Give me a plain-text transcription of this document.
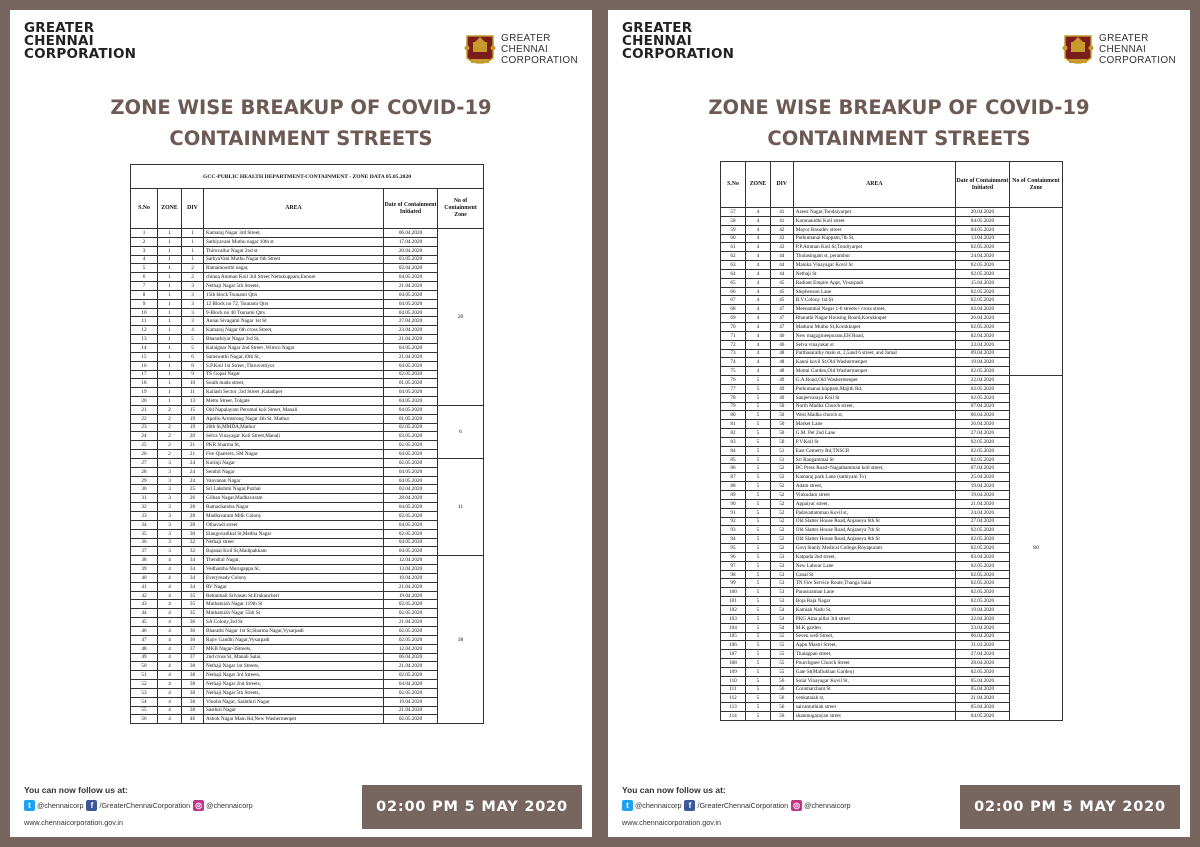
GREATER
CHENNAI
CORPORATION
GREATER
CHENNAI
CORPORATION
ZONE WISE BREAKUP OF COVID-19
CONTAINMENT STREETS
GCC-PUBLIC HEALTH DEPARTMENT-CONTAINMENT - ZONE DATA 05.05.2020					
S.No	ZONE	DIV	AREA	Date of Containment Initiated	No of Containment Zone
1	1	1	Kamaraj Nagar 3rd Street,	06.04.2020	20
2	1	1	Sathiyavani Muthu nagar 10th st	17.04.2020	
3	1	1	Thiruvallur Nagar 2nd st	20.04.2020	
4	1	1	SathyaVani Muthu Nagar 6th Street	03.05.2020	
5	1	2	Ramamoorthi nagar,	02.04.2020	
6	1	2	chinna Amman Koil 3rd Street Nettukuppam,Ennore	04.05.2020	
7	1	3	Nethaji Nagar 5th Streets,	21.04.2020	
8	1	3	15th block Tsunami Qtrs	04.05.2020	
9	1	3	12 Block no 72, Tsunami Qtrs	04.05.2020	
10	1	3	9-Block no 40 Tsunami Qtrs	04.05.2020	
11	1	3	Annai Sivagami Nagar 1st St	27.04.2020	
12	1	4	Kamaraj Nagar 6th cross Street,	23.04.2020	
13	1	5	Bharathiyar Nagar 3rd St,	21.04.2020	
14	1	5	Kalaignar Nagar 2nd Street ,Wimco Nagar	04.05.2020	
15	1	6	Saraswathi Nagar,10th St,	21.04.2020	
16	1	8	S.P.Koil 1st Street ,Thiruvottiyur	04.05.2020	
17	1	9	TS Gopal Nagar	02.05.2020	
18	1	10	South mada street,	01.05.2020	
19	1	11	Kailash Sector ,3rd Street ,Kaladipet	04.05.2020	
20	1	13	Mettu Street, Tolgate	04.05.2020	
21	2	15	Old Napalayam Perumal koil Street, Manali	04.05.2020	6
22	2	19	Apollo Armstrong Nagar 4th St, Mathur	01.05.2020	
23	2	19	26th St,MMDA,Mathur	02.05.2020	
24	2	20	Selva Vinayagar Koil Street,Manali	03.05.2020	
25	2	21	PKR Sharma St,	02.05.2020	
26	2	21	Fire Quarters, SM Nagar	04.05.2020	
27	3	24	Kurinji Nagar	02.05.2020	11
28	3	24	Senthil Nagar	04.05.2020	
29	3	24	Vanvanan Nagar	04.05.2020	
30	3	25	Sri Lakshmi Nagar,Puzhal	03.04.2020	
31	3	26	Gilban Nagar,Madhavaram	28.04.2020	
32	3	26	Ramachandra Nagar	04.05.2020	
33	3	28	Madhavaram Milk Colony	02.05.2020	
34	3	28	Othavadi street	04.05.2020	
35	3	30	Elangovadikal St,Medha Nagar	02.05.2020	
36	3	32	Nethaji street	04.05.2020	
37	3	32	Bajanai Koil St,Madipakkam	04.05.2020	
38	4	34	Thendral Nagar,	12.04.2020	38
39	4	34	Vedhantha Murugappa St,	13.04.2020	
40	4	34	Everyready Colony	19.04.2020	
41	4	34	RV Nagar	21.04.2020	
42	4	35	Rettaimali Srivasan St,Erukancheri	19.04.2020	
43	4	35	Muthamizh Nagar 119th St	02.05.2020	
44	4	35	Muthamizh Nagar 55th St	02.05.2020	
45	4	36	SA Colony,3rd St	21.04.2020	
46	4	36	Bharathi Nagar 1st St,Sharma Nagar,Vysarpadi	02.05.2020	
47	4	36	Rajiv Gandhi Nagar,Vysarpadi	02.05.2020	
48	4	37	MKB Nagar-3Streets,	12.04.2020	
49	4	37	2nd cross St, Manali Salai,	06.04.2020	
50	4	38	Nethaji Nagar 1st Streets,	21.04.2020	
51	4	38	Nethaji Nagar 3rd Streets,	02.05.2020	
52	4	38	Nethaji Nagar 2nd Streets,	04.04.2020	
53	4	38	Nethaji Nagar 5th Streets,	02.05.2020	
54	4	38	Vinoba Nagar, Sashthiri Nagar	19.04.2020	
55	4	38	Sasthiri Nagar	21.04.2020	
56	4	46	Ashok Nagar Main Rd,New Washermenpet	02.05.2020	
You can now follow us at:
t @chennaicorp f /GreaterChennaiCorporation ◎ @chennaicorp
www.chennaicorporation.gov.in
02:00 PM 5 MAY 2020
GREATER
CHENNAI
CORPORATION
GREATER
CHENNAI
CORPORATION
ZONE WISE BREAKUP OF COVID-19
CONTAINMENT STREETS
S.No	ZONE	DIV	AREA	Date of Containment Initiated	No of Containment Zone
57	4	41	Azeez Nagar,Tondaiyarpet	20.04.2020	
58	4	41	Karunanidhi Koil street	04.05.2020	
59	4	42	Mayor Basudev street	04.05.2020	
60	4	43	Puthumanai Kuppam,7th St,	13.04.2020	
61	4	43	P.P.Amman Koil St,Tondiyarpet	02.05.2020	
62	4	44	Thulasingam st, perambur	24.04.2020	
63	4	44	Manika Vinayagar Kovil St	02.05.2020	
64	4	44	Nethaji St	02.05.2020	
65	4	45	Radiant Empire Appt, Vysarpadi	15.04.2020	
66	4	45	Stephenson Lane	02.05.2020	
67	4	45	B.V.Colony 1st St	02.05.2020	
68	4	47	Meenambal Nagar 1-6 streets+ cross street,	02.04.2020	
69	4	47	Bharathi Nagar Housing Board,Korukkupet	26.04.2020	
70	4	47	Madurai Muthu St,Korukkupet	02.05.2020	
71	4	46	New magzgineepuram,EH Road,	02.04.2020	
72	4	46	Selva vinayakar st	23.04.2020	
73	4	48	Parthasarathy main st, 2,5and 6 street, and Jamal	09.04.2020	
74	4	48	Kanni kovil St,Old Washermenpet	19.04.2020	
75	4	48	Mottai Garden,Old Washermenpet	02.05.2020	
76	5	49	G.A.Road,Old Washermenpet	22.04.2020	80
77	5	49	Puthumanai kuppam,Majith Rd,	02.05.2020	
78	5	49	Sanjeevaraya Koil St	02.05.2020	
79	5	50	North Madha Church street,	07.04.2020	
80	5	50	West Madha church st,	06.04.2020	
81	5	50	Market Lane	26.04.2020	
82	5	50	G.M. Pet 2nd Lane	27.04.2020	
83	5	50	P.V.Koil St	02.05.2020	
84	5	51	East Cemetry Rd,TNSCB	02.05.2020	
85	5	51	Sri Rangammal St	02.05.2020	
86	5	52	BC Press Road+Nagathamman koil street,	07.04.2020	
87	5	52	Kamaraj park Lane (sathiyam Tv)	25.04.2020	
88	5	52	Adam street,	19.04.2020	
89	5	52	Vinkudam street	19.04.2020	
90	5	52	Appaiyar street,	21.04.2020	
91	5	52	Padavattamman Kovil st,	24.04.2020	
92	5	52	Old Slatter House Road,Anjaneya 6th St	27.04.2020	
93	5	52	Old Slatter House Road,Anjaneya 7th St	02.05.2020	
94	5	52	Old Slatter House Road,Anjaneya 8th St	02.05.2020	
95	5	52	Govt Stanly Medical College,Royapuram	02.05.2020	
96	5	53	Katpada 2nd street,	03.04.2020	
97	5	53	New Labour Lane	02.05.2020	
98	5	53	Canal St	02.05.2020	
99	5	53	TN Fire Service Route,Thanga Salai	02.05.2020	
100	5	53	Parasuraman Lane	02.05.2020	
101	5	53	Boja Raja Nagar	02.05.2020	
102	5	54	Kamiah Nadu St,	19.04.2020	
103	5	54	PKG Ama pillai 3rd street	22.04.2020	
104	5	54	M.K garden	23.04.2020	
105	5	55	Seven well Street,	06.04.2020	
106	5	55	Appu Mastri Street,	31.03.2020	
107	5	55	Thaiappan street,	27.04.2020	
108	5	55	Pourchgsee Church Street	28.04.2020	
109	5	55	Gate St(Mafiukhan Garden)	02.05.2020	
110	5	56	Solai Vinayagar Kovil St,	05.04.2020	
111	5	56	Coramarchant St	05.04.2020	
112	5	56	venkataiah st,	21.04.2020	
113	5	56	saivamuthiah street	05.04.2020	
114	5	56	shanmugarayan street	04.05.2020	
You can now follow us at:
t @chennaicorp f /GreaterChennaiCorporation ◎ @chennaicorp
www.chennaicorporation.gov.in
02:00 PM 5 MAY 2020
